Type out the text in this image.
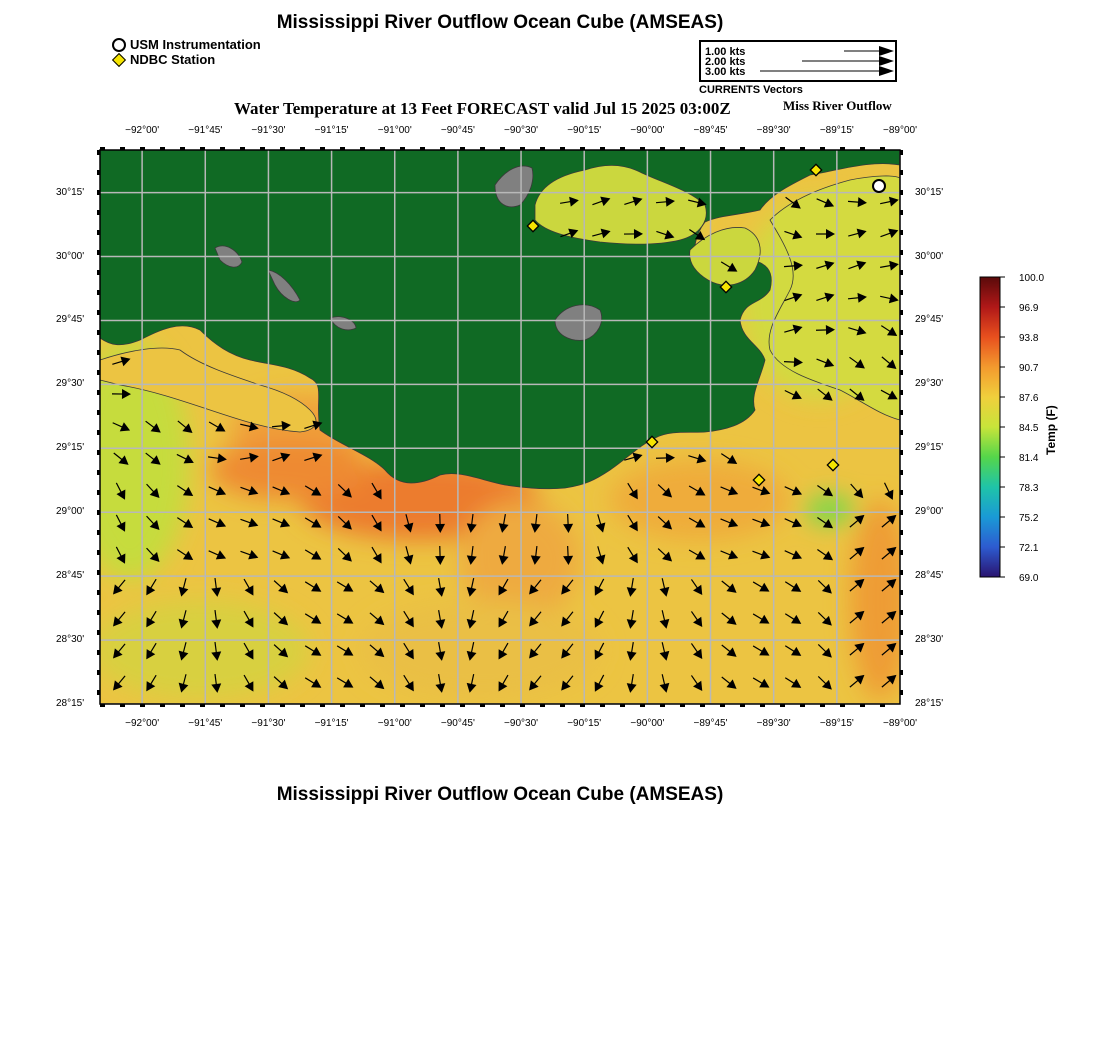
Mississippi River Outflow Ocean Cube (AMSEAS)
USM Instrumentation
NDBC Station	1.00 kts
2.00 kts
3.00 kts
CURRENTS Vectors
Water Temperature at 13 Feet FORECAST valid Jul 15 2025 03:00Z	Miss River Outflow
−92°00'
−92°00'
−91°45'
−91°45'
−91°30'
−91°30'
−91°15'
−91°15'
−91°00'
−91°00'
−90°45'
−90°45'
−90°30'
−90°30'
−90°15'
−90°15'
−90°00'
−90°00'
−89°45'
−89°45'
−89°30'
−89°30'
−89°15'
−89°15'
−89°00'
−89°00'
30°15'	30°15'
30°00'	30°00'
29°45'	29°45'
29°30'	29°30'
29°15'	29°15'
29°00'	29°00'
28°45'	28°45'
28°30'	28°30'
28°15'	28°15'
100.0
96.9
93.8
90.7
87.6
84.5
81.4
78.3
75.2
72.1
69.0
Temp (F)
Mississippi River Outflow Ocean Cube (AMSEAS)
